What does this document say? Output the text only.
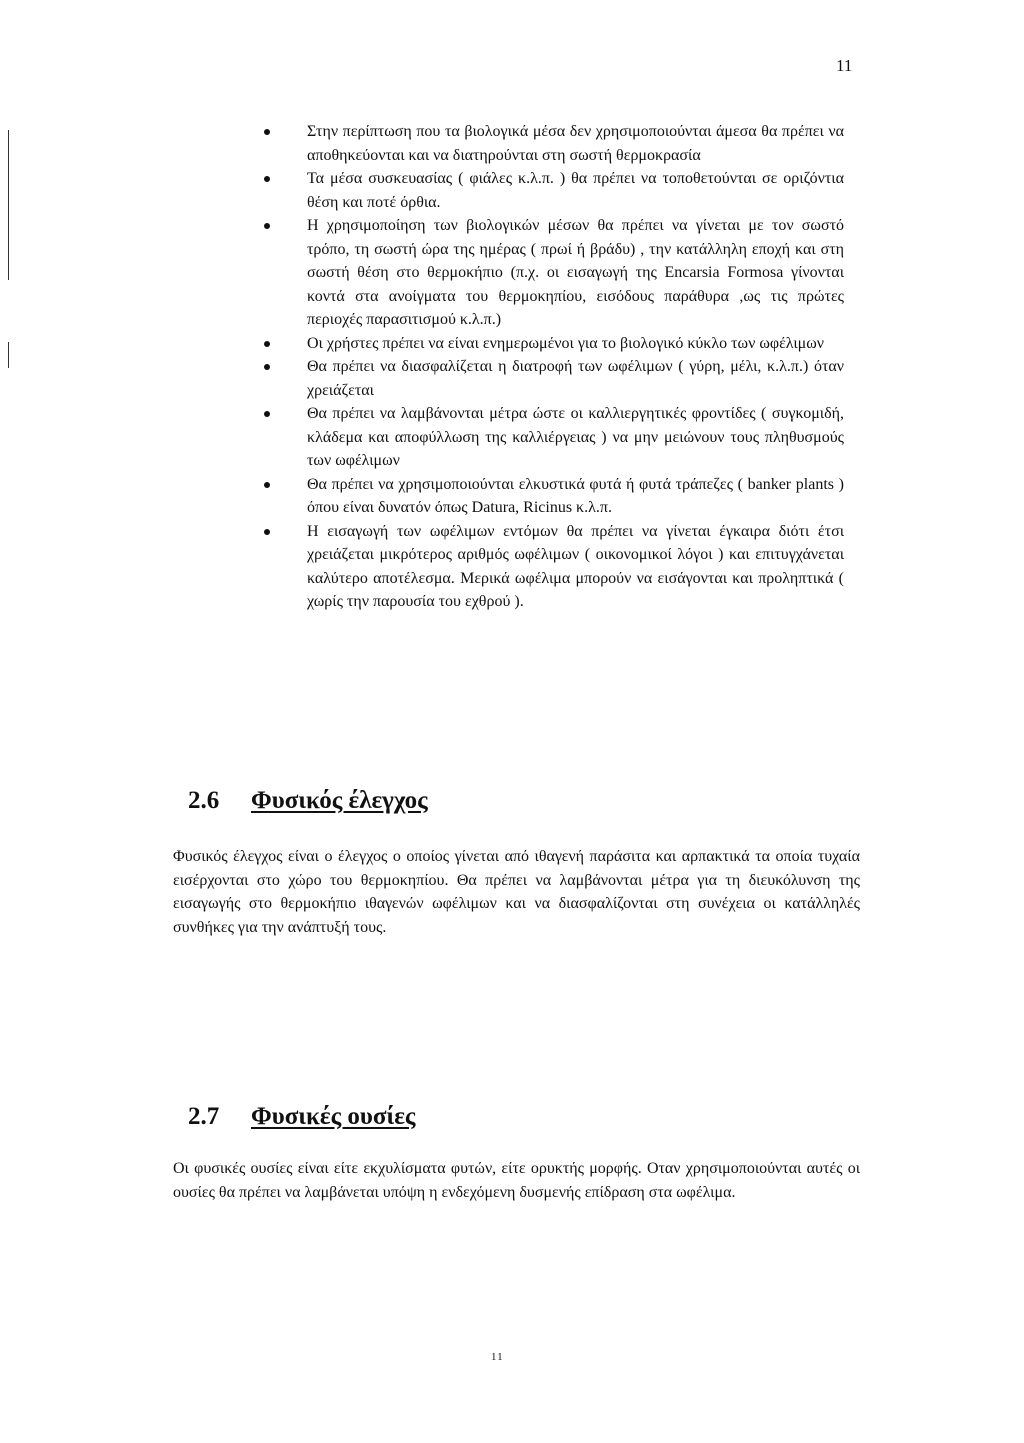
11
Στην περίπτωση που τα βιολογικά μέσα δεν χρησιμοποιούνται άμεσα θα πρέπει να αποθηκεύονται και να διατηρούνται στη σωστή θερμοκρασία
Τα μέσα συσκευασίας ( φιάλες κ.λ.π. ) θα πρέπει να τοποθετούνται σε οριζόντια θέση και ποτέ όρθια.
Η χρησιμοποίηση των βιολογικών μέσων θα πρέπει να γίνεται με τον σωστό τρόπο, τη σωστή ώρα της ημέρας ( πρωί ή βράδυ) , την κατάλληλη εποχή και στη σωστή θέση στο θερμοκήπιο (π.χ. οι εισαγωγή της Encarsia Formosa γίνονται κοντά στα ανοίγματα του θερμοκηπίου, εισόδους παράθυρα ,ως τις πρώτες περιοχές παρασιτισμού κ.λ.π.)
Οι χρήστες πρέπει να είναι ενημερωμένοι για το βιολογικό κύκλο των ωφέλιμων
Θα πρέπει να διασφαλίζεται η διατροφή των ωφέλιμων ( γύρη, μέλι, κ.λ.π.) όταν χρειάζεται
Θα πρέπει να λαμβάνονται μέτρα ώστε οι καλλιεργητικές φροντίδες ( συγκομιδή, κλάδεμα και αποφύλλωση της καλλιέργειας ) να μην μειώνουν τους πληθυσμούς των ωφέλιμων
Θα πρέπει να χρησιμοποιούνται ελκυστικά φυτά ή φυτά τράπεζες ( banker plants ) όπου είναι δυνατόν όπως Datura, Ricinus κ.λ.π.
Η εισαγωγή των ωφέλιμων εντόμων θα πρέπει να γίνεται έγκαιρα διότι έτσι χρειάζεται μικρότερος αριθμός ωφέλιμων ( οικονομικοί λόγοι ) και επιτυγχάνεται καλύτερο αποτέλεσμα. Μερικά ωφέλιμα μπορούν να εισάγονται και προληπτικά ( χωρίς την παρουσία του εχθρού ).
2.6 Φυσικός έλεγχος

Φυσικός έλεγχος είναι ο έλεγχος ο οποίος γίνεται από ιθαγενή παράσιτα και αρπακτικά τα οποία τυχαία εισέρχονται στο χώρο του θερμοκηπίου. Θα πρέπει να λαμβάνονται μέτρα για τη διευκόλυνση της εισαγωγής στο θερμοκήπιο ιθαγενών ωφέλιμων και να διασφαλίζονται στη συνέχεια οι κατάλληλές συνθήκες για την ανάπτυξή τους.

2.7 Φυσικές ουσίες

Οι φυσικές ουσίες είναι είτε εκχυλίσματα φυτών, είτε ορυκτής μορφής. Οταν χρησιμοποιούνται αυτές οι ουσίες θα πρέπει να λαμβάνεται υπόψη η ενδεχόμενη δυσμενής επίδραση στα ωφέλιμα.

11
